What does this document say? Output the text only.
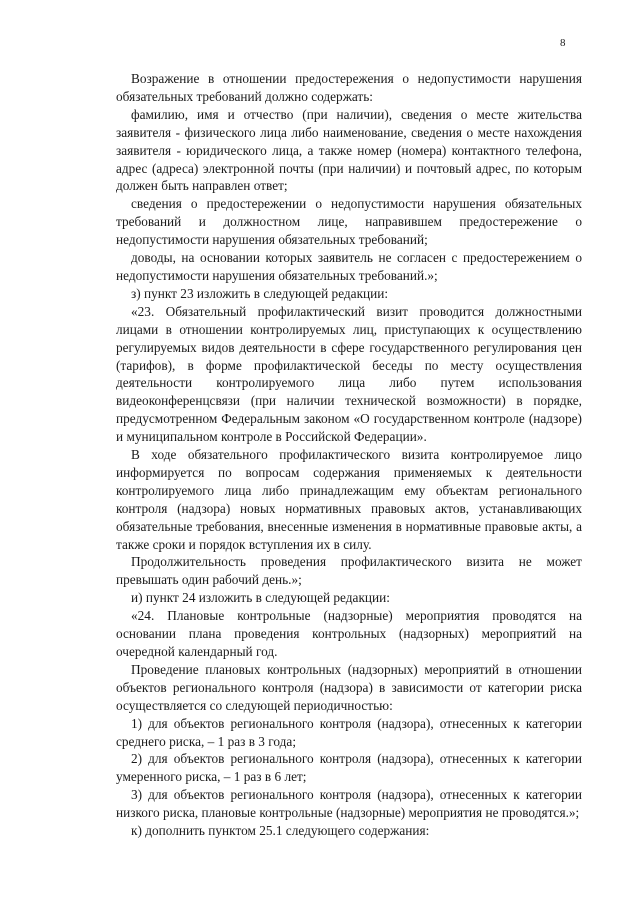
8

Возражение в отношении предостережения о недопустимости нарушения обязательных требований должно содержать:

фамилию, имя и отчество (при наличии), сведения о месте жительства заявителя - физического лица либо наименование, сведения о месте нахождения заявителя - юридического лица, а также номер (номера) контактного телефона, адрес (адреса) электронной почты (при наличии) и почтовый адрес, по которым должен быть направлен ответ;

сведения о предостережении о недопустимости нарушения обязательных требований и должностном лице, направившем предостережение о недопустимости нарушения обязательных требований;

доводы, на основании которых заявитель не согласен с предостережением о недопустимости нарушения обязательных требований.»;

з) пункт 23 изложить в следующей редакции:

«23. Обязательный профилактический визит проводится должностными лицами в отношении контролируемых лиц, приступающих к осуществлению регулируемых видов деятельности в сфере государственного регулирования цен (тарифов), в форме профилактической беседы по месту осуществления деятельности контролируемого лица либо путем использования видеоконференцсвязи (при наличии технической возможности) в порядке, предусмотренном Федеральным законом «О государственном контроле (надзоре) и муниципальном контроле в Российской Федерации».

В ходе обязательного профилактического визита контролируемое лицо информируется по вопросам содержания применяемых к деятельности контролируемого лица либо принадлежащим ему объектам регионального контроля (надзора) новых нормативных правовых актов, устанавливающих обязательные требования, внесенные изменения в нормативные правовые акты, а также сроки и порядок вступления их в силу.

Продолжительность проведения профилактического визита не может превышать один рабочий день.»;

и) пункт 24 изложить в следующей редакции:

«24. Плановые контрольные (надзорные) мероприятия проводятся на основании плана проведения контрольных (надзорных) мероприятий на очередной календарный год.

Проведение плановых контрольных (надзорных) мероприятий в отношении объектов регионального контроля (надзора) в зависимости от категории риска осуществляется со следующей периодичностью:

1) для объектов регионального контроля (надзора), отнесенных к категории среднего риска, – 1 раз в 3 года;

2) для объектов регионального контроля (надзора), отнесенных к категории умеренного риска, – 1 раз в 6 лет;

3) для объектов регионального контроля (надзора), отнесенных к категории низкого риска, плановые контрольные (надзорные) мероприятия не проводятся.»;

к) дополнить пунктом 25.1 следующего содержания:
